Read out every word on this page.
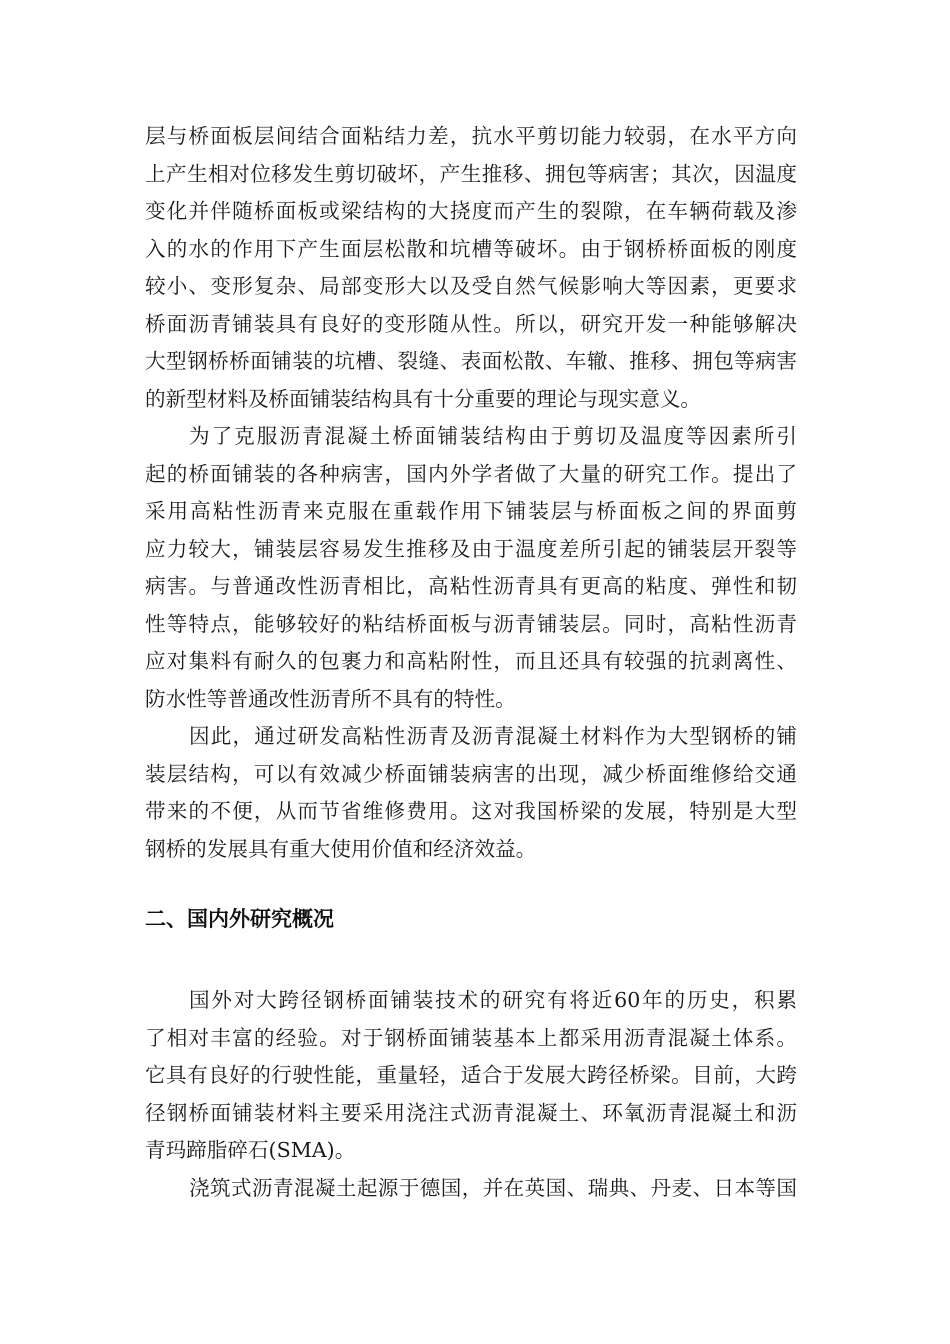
层与桥面板层间结合面粘结力差，抗水平剪切能力较弱，在水平方向
上产生相对位移发生剪切破坏，产生推移、拥包等病害；其次，因温度
变化并伴随桥面板或梁结构的大挠度而产生的裂隙，在车辆荷载及渗
入的水的作用下产生面层松散和坑槽等破坏。由于钢桥桥面板的刚度
较小、变形复杂、局部变形大以及受自然气候影响大等因素，更要求
桥面沥青铺装具有良好的变形随从性。所以，研究开发一种能够解决
大型钢桥桥面铺装的坑槽、裂缝、表面松散、车辙、推移、拥包等病害
的新型材料及桥面铺装结构具有十分重要的理论与现实意义。
为了克服沥青混凝土桥面铺装结构由于剪切及温度等因素所引
起的桥面铺装的各种病害，国内外学者做了大量的研究工作。提出了
采用高粘性沥青来克服在重载作用下铺装层与桥面板之间的界面剪
应力较大，铺装层容易发生推移及由于温度差所引起的铺装层开裂等
病害。与普通改性沥青相比，高粘性沥青具有更高的粘度、弹性和韧
性等特点，能够较好的粘结桥面板与沥青铺装层。同时，高粘性沥青
应对集料有耐久的包裹力和高粘附性，而且还具有较强的抗剥离性、
防水性等普通改性沥青所不具有的特性。
因此，通过研发高粘性沥青及沥青混凝土材料作为大型钢桥的铺
装层结构，可以有效减少桥面铺装病害的出现，减少桥面维修给交通
带来的不便，从而节省维修费用。这对我国桥梁的发展，特别是大型
钢桥的发展具有重大使用价值和经济效益。
二、国内外研究概况
国外对大跨径钢桥面铺装技术的研究有将近60年的历史，积累
了相对丰富的经验。对于钢桥面铺装基本上都采用沥青混凝土体系。
它具有良好的行驶性能，重量轻，适合于发展大跨径桥梁。目前，大跨
径钢桥面铺装材料主要采用浇注式沥青混凝土、环氧沥青混凝土和沥
青玛蹄脂碎石(SMA)。
浇筑式沥青混凝土起源于德国，并在英国、瑞典、丹麦、日本等国
